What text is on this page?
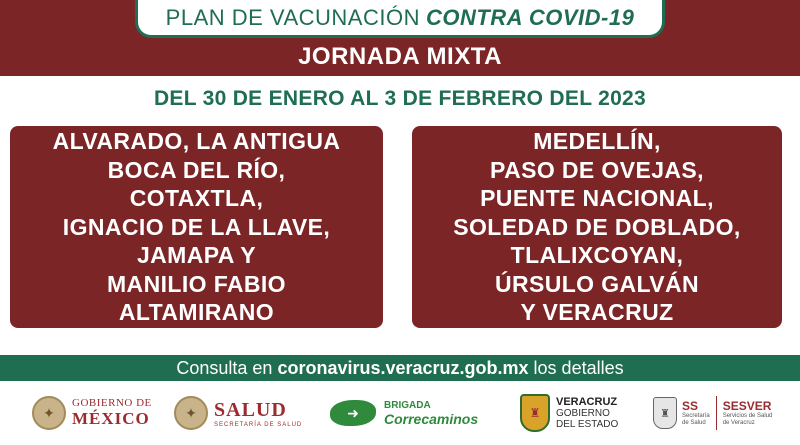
PLAN DE VACUNACIÓN CONTRA COVID-19
JORNADA MIXTA
DEL 30 DE ENERO AL 3 DE FEBRERO DEL 2023
ALVARADO, LA ANTIGUA
BOCA DEL RÍO,
COTAXTLA,
IGNACIO DE LA LLAVE,
JAMAPA Y
MANILIO FABIO
ALTAMIRANO
MEDELLÍN,
PASO DE OVEJAS,
PUENTE NACIONAL,
SOLEDAD DE DOBLADO,
TLALIXCOYAN,
ÚRSULO GALVÁN
Y VERACRUZ
Consulta en coronavirus.veracruz.gob.mx los detalles
✦
GOBIERNO DE
MÉXICO	✦ SALUD
SECRETARÍA DE SALUD
➜	BRIGADA
Correcaminos	♜
VERACRUZ
GOBIERNO
DEL ESTADO
♜
SS
Secretaría
de Salud
SESVER
Servicios de Salud
de Veracruz
